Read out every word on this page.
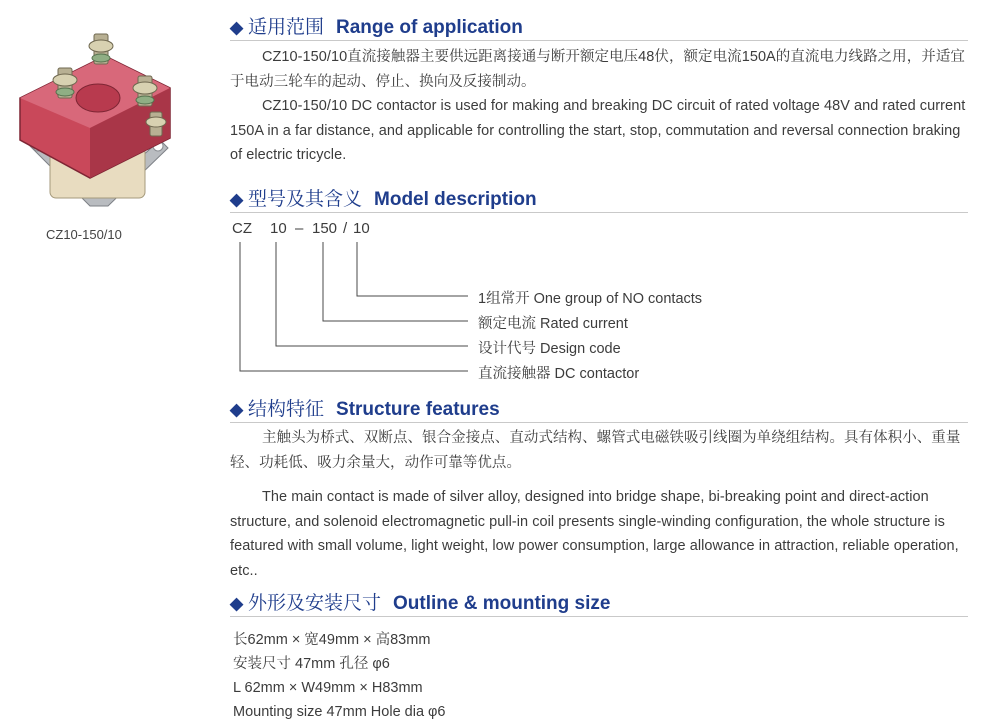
CZ10-150/10
◆ 适用范围 Range of application

CZ10-150/10直流接触器主要供远距离接通与断开额定电压48伏，额定电流150A的直流电力线路之用，并适宜于电动三轮车的起动、停止、换向及反接制动。

CZ10-150/10 DC contactor is used for making and breaking DC circuit of rated voltage 48V and rated current 150A in a far distance, and applicable for controlling the start, stop, commutation and reversal connection braking of electric tricycle.

◆ 型号及其含义 Model description
CZ 10 – 150 / 10
1组常开 One group of NO contacts
额定电流 Rated current
设计代号 Design code
直流接触器 DC contactor
◆ 结构特征 Structure features

主触头为桥式、双断点、银合金接点、直动式结构、螺管式电磁铁吸引线圈为单绕组结构。具有体积小、重量轻、功耗低、吸力余量大，动作可靠等优点。

The main contact is made of silver alloy, designed into bridge shape, bi-breaking point and direct-action structure, and solenoid electromagnetic pull-in coil presents single-winding configuration, the whole structure is featured with small volume, light weight, low power consumption, large allowance in attraction, reliable operation, etc..

◆ 外形及安装尺寸 Outline & mounting size
长62mm × 宽49mm × 高83mm
安装尺寸 47mm 孔径 φ6
L 62mm × W49mm × H83mm
Mounting size 47mm Hole dia φ6
